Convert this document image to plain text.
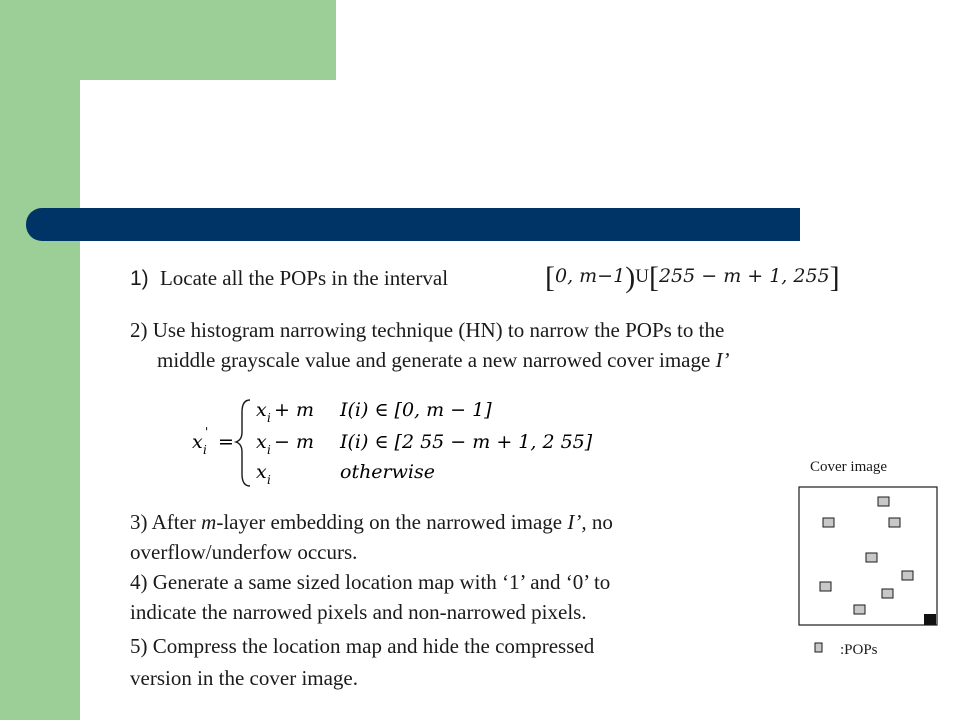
1) Locate all the POPs in the interval	[0, m−1)U[255 − m + 1, 255]
2) Use histogram narrowing technique (HN) to narrow the POPs to the
middle grayscale value and generate a new narrowed cover image I’
x i
' =
x i + m I(i) ∈ [0, m − 1]
x i − m I(i) ∈ [2 55 − m + 1, 2 55]
x i	otherwise
3) After m-layer embedding on the narrowed image I’, no
overflow/underfow occurs.
4) Generate a same sized location map with ‘1’ and ‘0’ to
indicate the narrowed pixels and non-narrowed pixels.
5) Compress the location map and hide the compressed
version in the cover image.
Cover image
:POPs
